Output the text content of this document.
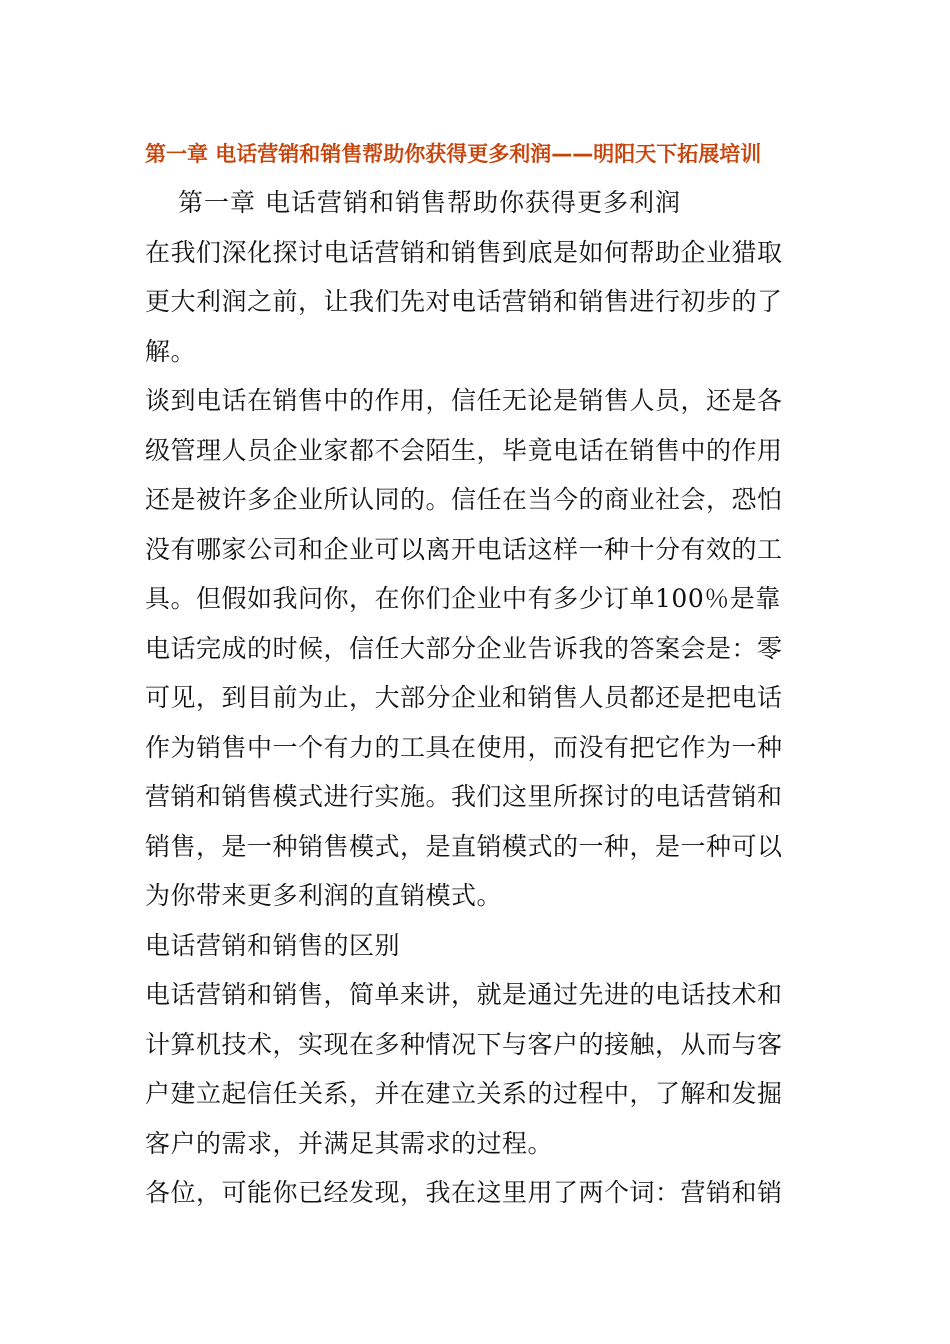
第一章 电话营销和销售帮助你获得更多利润——明阳天下拓展培训

第一章 电话营销和销售帮助你获得更多利润

在我们深化探讨电话营销和销售到底是如何帮助企业猎取更大利润之前，让我们先对电话营销和销售进行初步的了解。

谈到电话在销售中的作用，信任无论是销售人员，还是各级管理人员企业家都不会陌生，毕竟电话在销售中的作用还是被许多企业所认同的。信任在当今的商业社会，恐怕没有哪家公司和企业可以离开电话这样一种十分有效的工具。但假如我问你，在你们企业中有多少订单100％是靠电话完成的时候，信任大部分企业告诉我的答案会是：零可见，到目前为止，大部分企业和销售人员都还是把电话作为销售中一个有力的工具在使用，而没有把它作为一种营销和销售模式进行实施。我们这里所探讨的电话营销和销售，是一种销售模式，是直销模式的一种，是一种可以为你带来更多利润的直销模式。

电话营销和销售的区别

电话营销和销售，简单来讲，就是通过先进的电话技术和计算机技术，实现在多种情况下与客户的接触，从而与客户建立起信任关系，并在建立关系的过程中，了解和发掘客户的需求，并满足其需求的过程。

各位，可能你已经发现，我在这里用了两个词：营销和销
